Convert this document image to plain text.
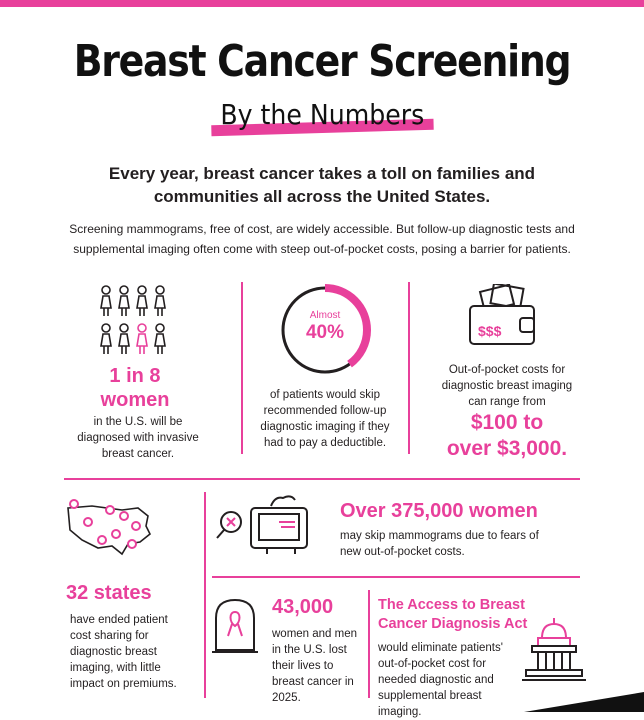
Breast Cancer Screening
By the Numbers
Every year, breast cancer takes a toll on families and communities all across the United States.
Screening mammograms, free of cost, are widely accessible. But follow-up diagnostic tests and supplemental imaging often come with steep out-of-pocket costs, posing a barrier for patients.
1 in 8
women
in the U.S. will be diagnosed with invasive breast cancer.
Almost
40%
of patients would skip recommended follow-up diagnostic imaging if they had to pay a deductible.
$$$
Out-of-pocket costs for diagnostic breast imaging can range from
$100 to
over $3,000.
32 states
have ended patient cost sharing for diagnostic breast imaging, with little impact on premiums.
Over 375,000 women
may skip mammograms due to fears of new out-of-pocket costs.
43,000
women and men in the U.S. lost their lives to breast cancer in 2025.
The Access to Breast
Cancer Diagnosis Act
would eliminate patients' out-of-pocket cost for needed diagnostic and supplemental breast imaging.
